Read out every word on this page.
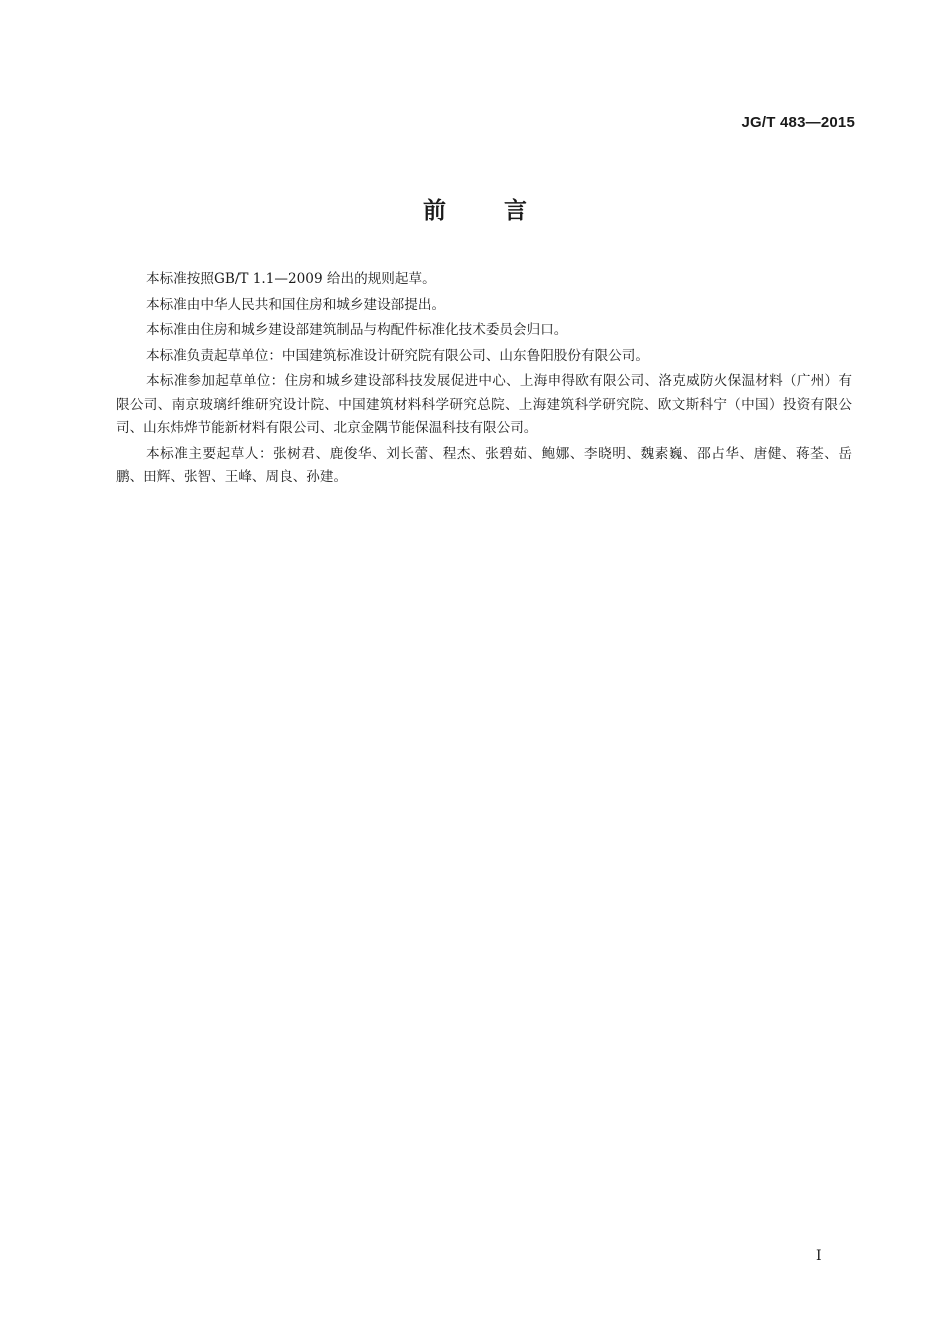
JG/T 483—2015
前言

本标准按照GB/T 1.1—2009 给出的规则起草。

本标准由中华人民共和国住房和城乡建设部提出。

本标准由住房和城乡建设部建筑制品与构配件标准化技术委员会归口。

本标准负责起草单位：中国建筑标准设计研究院有限公司、山东鲁阳股份有限公司。

本标准参加起草单位：住房和城乡建设部科技发展促进中心、上海申得欧有限公司、洛克威防火保温材料（广州）有限公司、南京玻璃纤维研究设计院、中国建筑材料科学研究总院、上海建筑科学研究院、欧文斯科宁（中国）投资有限公司、山东炜烨节能新材料有限公司、北京金隅节能保温科技有限公司。

本标准主要起草人：张树君、鹿俊华、刘长蕾、程杰、张碧茹、鲍娜、李晓明、魏素巍、邵占华、唐健、蒋荃、岳鹏、田辉、张智、王峰、周良、孙建。

I
